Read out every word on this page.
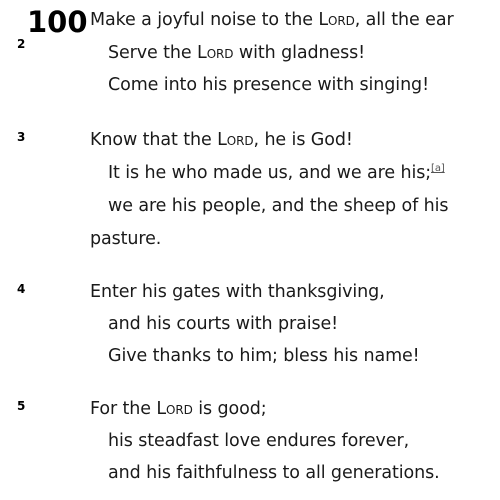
100 Make a joyful noise to the Lord, all the ear
2	Serve the Lord with gladness!
Come into his presence with singing!
3	Know that the Lord, he is God!
It is he who made us, and we are his;[a]
we are his people, and the sheep of his
pasture.
4	Enter his gates with thanksgiving,
and his courts with praise!
Give thanks to him; bless his name!
5	For the Lord is good;
his steadfast love endures forever,
and his faithfulness to all generations.
